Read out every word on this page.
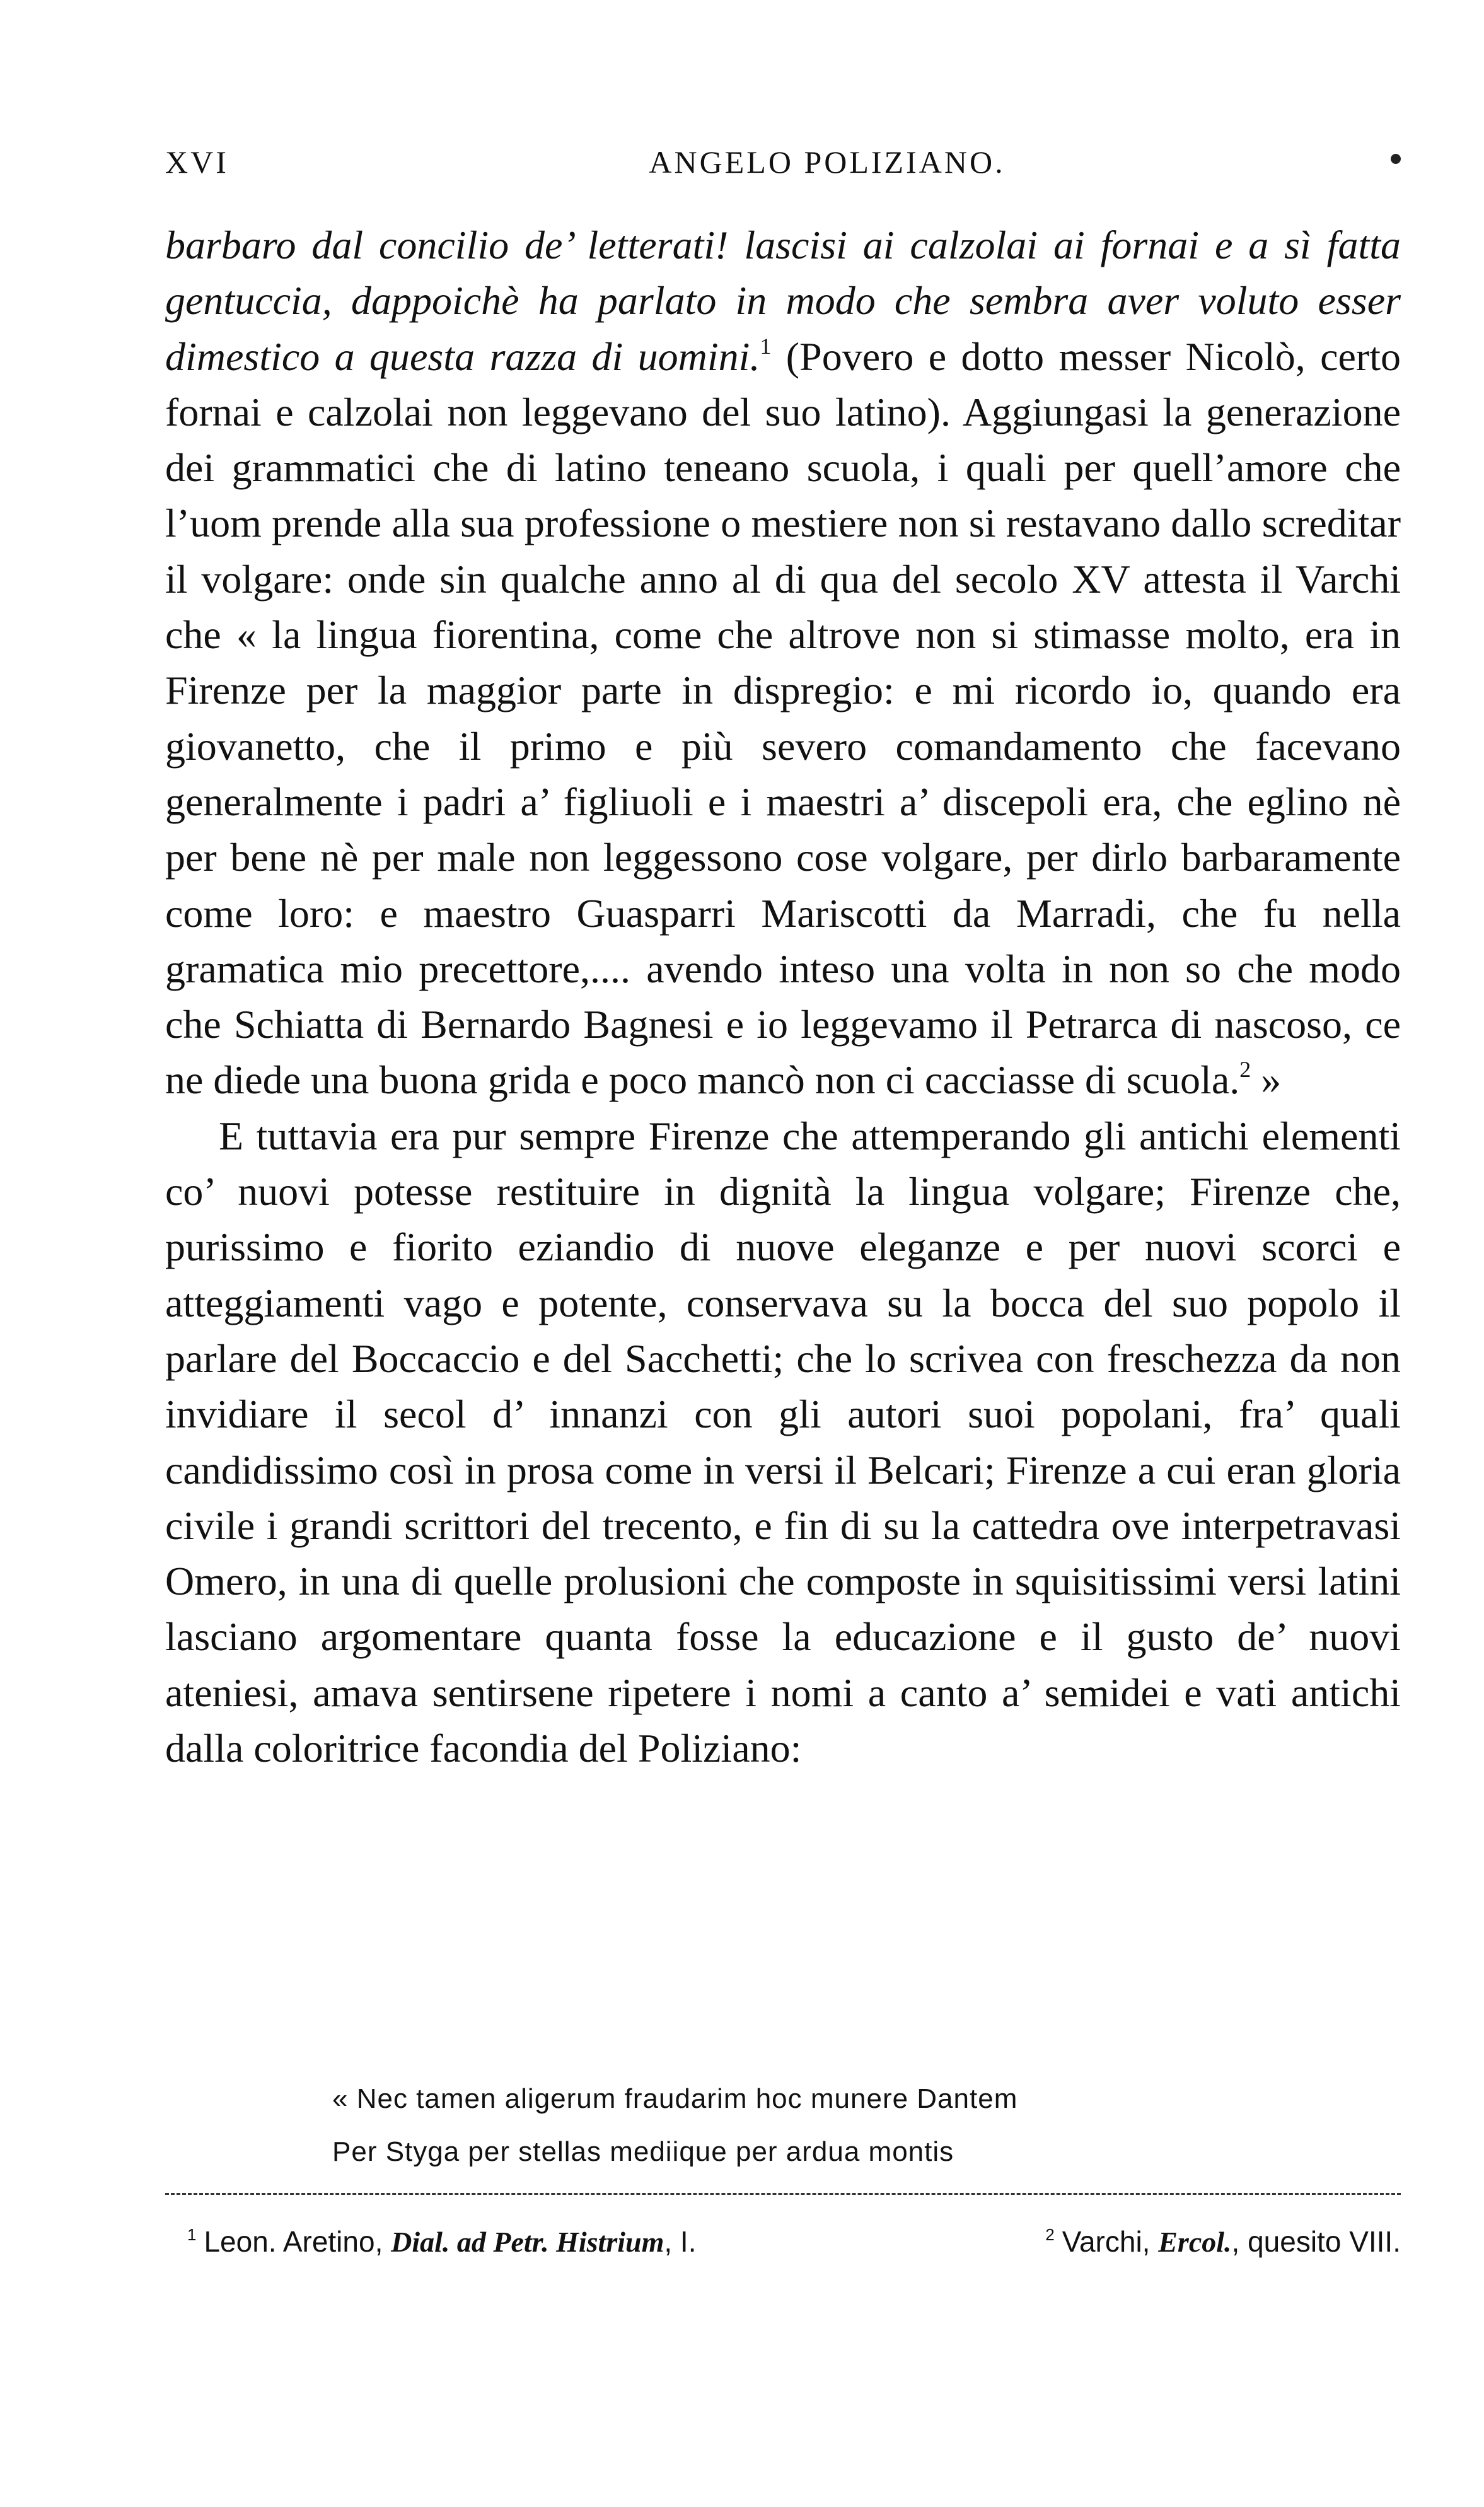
XVI	ANGELO POLIZIANO.

barbaro dal concilio de’ letterati! lascisi ai calzolai ai fornai e a sì fatta gentuccia, dappoichè ha parlato in modo che sembra aver voluto esser dimestico a questa razza di uomini.$^1$ (Povero e dotto messer Nicolò, certo fornai e calzolai non leggevano del suo latino). Aggiungasi la generazione dei grammatici che di latino teneano scuola, i quali per quell’amore che l’uom prende alla sua professione o mestiere non si restavano dallo screditar il volgare: onde sin qualche anno al di qua del secolo XV attesta il Varchi che « la lingua fiorentina, come che altrove non si stimasse molto, era in Firenze per la maggior parte in dispregio: e mi ricordo io, quando era giovanetto, che il primo e più severo comandamento che facevano generalmente i padri a’ figliuoli e i maestri a’ discepoli era, che eglino nè per bene nè per male non leggessono cose volgare, per dirlo barbaramente come loro: e maestro Guasparri Mariscotti da Marradi, che fu nella gramatica mio precettore,.... avendo inteso una volta in non so che modo che Schiatta di Bernardo Bagnesi e io leggevamo il Petrarca di nascoso, ce ne diede una buona grida e poco mancò non ci cacciasse di scuola.$^2$ »

E tuttavia era pur sempre Firenze che attemperando gli antichi elementi co’ nuovi potesse restituire in dignità la lingua volgare; Firenze che, purissimo e fiorito eziandio di nuove eleganze e per nuovi scorci e atteggiamenti vago e potente, conservava su la bocca del suo popolo il parlare del Boccaccio e del Sacchetti; che lo scrivea con freschezza da non invidiare il secol d’ innanzi con gli autori suoi popolani, fra’ quali candidissimo così in prosa come in versi il Belcari; Firenze a cui eran gloria civile i grandi scrittori del trecento, e fin di su la cattedra ove interpetravasi Omero, in una di quelle prolusioni che composte in squisitissimi versi latini lasciano argomentare quanta fosse la educazione e il gusto de’ nuovi ateniesi, amava sentirsene ripetere i nomi a canto a’ semidei e vati antichi dalla coloritrice facondia del Poliziano:

« Nec tamen aligerum fraudarim hoc munere Dantem
Per Stygа per stellas mediique per ardua montis
$^1$ Leon. Aretino, Dial. ad Petr. Histrium, I.	$^2$ Varchi, Ercol., quesito VIII.
